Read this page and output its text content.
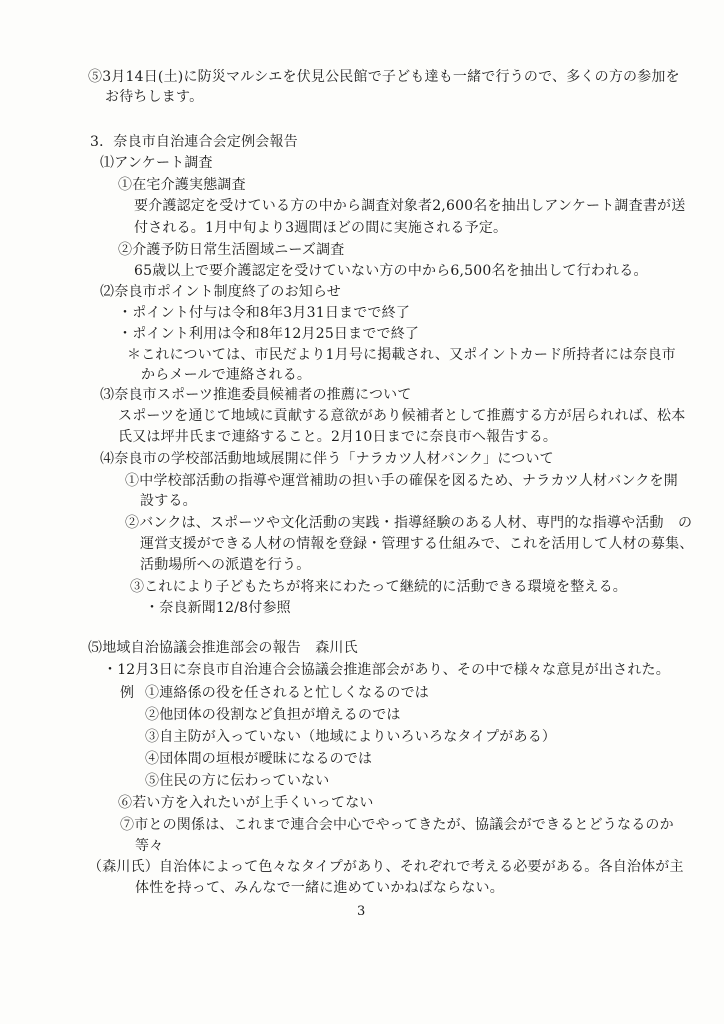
⑤3月14日(土)に防災マルシエを伏見公民館で子ども達も一緒で行うので、多くの方の参加を
お待ちします。
3．奈良市自治連合会定例会報告
⑴アンケート調査
①在宅介護実態調査
要介護認定を受けている方の中から調査対象者2,600名を抽出しアンケート調査書が送
付される。1月中旬より3週間ほどの間に実施される予定。
②介護予防日常生活圏域ニーズ調査
65歳以上で要介護認定を受けていない方の中から6,500名を抽出して行われる。
⑵奈良市ポイント制度終了のお知らせ
・ポイント付与は令和8年3月31日までで終了
・ポイント利用は令和8年12月25日までで終了
＊これについては、市民だより1月号に掲載され、又ポイントカード所持者には奈良市
からメールで連絡される。
⑶奈良市スポーツ推進委員候補者の推薦について
スポーツを通じて地域に貢献する意欲があり候補者として推薦する方が居られれば、松本
氏又は坪井氏まで連絡すること。2月10日までに奈良市へ報告する。
⑷奈良市の学校部活動地域展開に伴う「ナラカツ人材バンク」について
①中学校部活動の指導や運営補助の担い手の確保を図るため、ナラカツ人材バンクを開
設する。
②バンクは、スポーツや文化活動の実践・指導経験のある人材、専門的な指導や活動　の
運営支援ができる人材の情報を登録・管理する仕組みで、これを活用して人材の募集、
活動場所への派遣を行う。
③これにより子どもたちが将来にわたって継続的に活動できる環境を整える。
・奈良新聞12/8付参照
⑸地域自治協議会推進部会の報告　森川氏
・12月3日に奈良市自治連合会協議会推進部会があり、その中で様々な意見が出された。
例 ①連絡係の役を任されると忙しくなるのでは
②他団体の役割など負担が増えるのでは
③自主防が入っていない（地域によりいろいろなタイプがある）
④団体間の垣根が曖昧になるのでは
⑤住民の方に伝わっていない
⑥若い方を入れたいが上手くいってない
⑦市との関係は、これまで連合会中心でやってきたが、協議会ができるとどうなるのか
等々
（森川氏）自治体によって色々なタイプがあり、それぞれで考える必要がある。各自治体が主
体性を持って、みんなで一緒に進めていかねばならない。
3
